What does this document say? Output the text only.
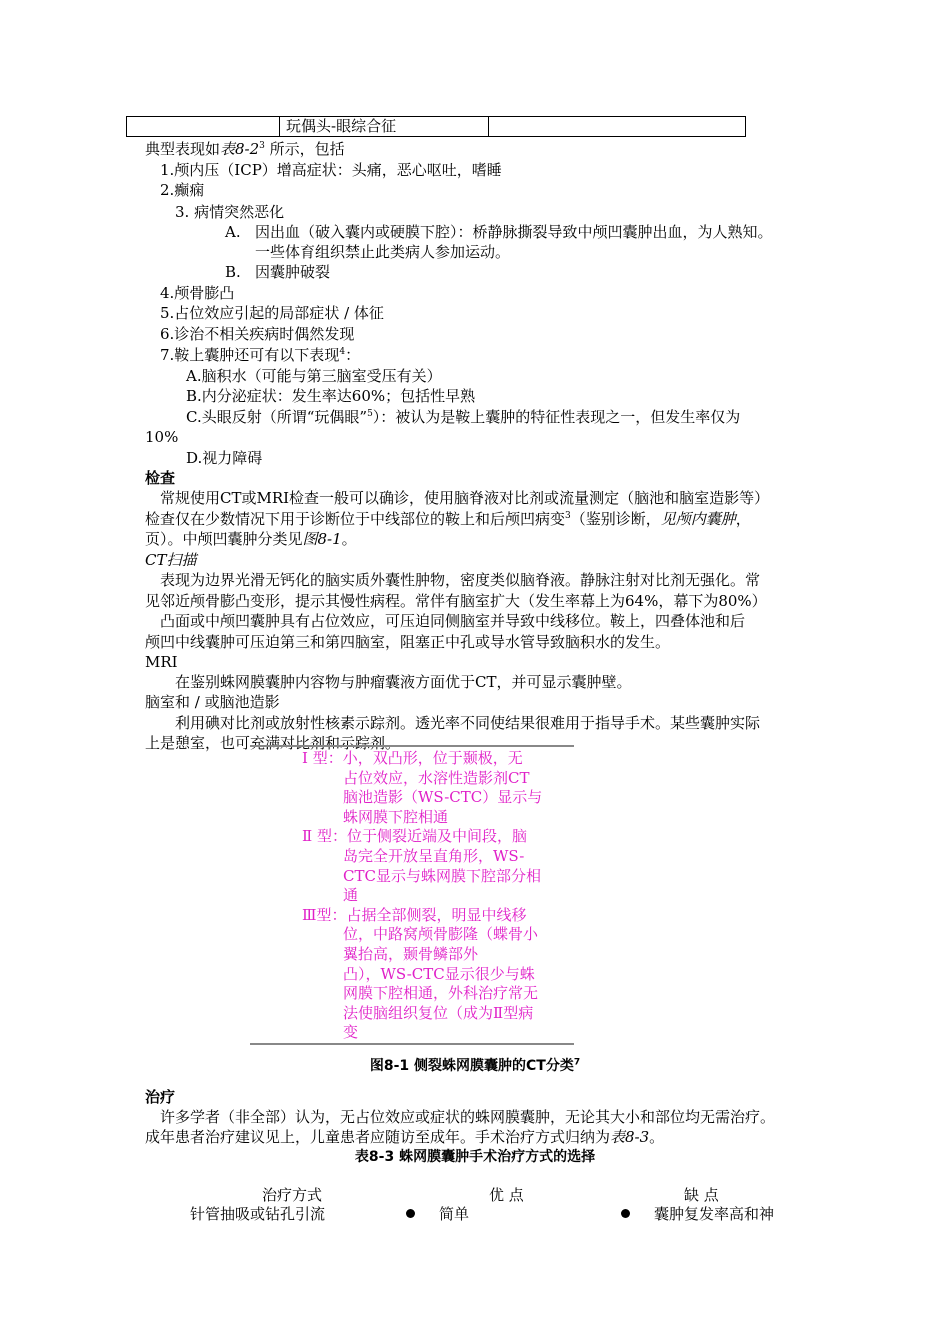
	玩偶头-眼综合征	
典型表现如表$8-2^3$ 所示，包括
1.颅内压（ICP）增高症状：头痛，恶心呕吐，嗜睡
2.癫痫
3. 病情突然恶化
A. 因出血（破入囊内或硬膜下腔）：桥静脉撕裂导致中颅凹囊肿出血，为人熟知。
一些体育组织禁止此类病人参加运动。
B. 因囊肿破裂
4.颅骨膨凸
5.占位效应引起的局部症状 / 体征
6.诊治不相关疾病时偶然发现
7.鞍上囊肿还可有以下表现$^4$：
A.脑积水（可能与第三脑室受压有关）
B.内分泌症状：发生率达60%；包括性早熟
C.头眼反射（所谓“玩偶眼”$^5$）：被认为是鞍上囊肿的特征性表现之一，但发生率仅为
10%
D.视力障碍
检查
常规使用CT或MRI检查一般可以确诊，使用脑脊液对比剂或流量测定（脑池和脑室造影等）
检查仅在少数情况下用于诊断位于中线部位的鞍上和后颅凹病变$^3$（鉴别诊断，见颅内囊肿，
页）。中颅凹囊肿分类见图8-1。
CT扫描
表现为边界光滑无钙化的脑实质外囊性肿物，密度类似脑脊液。静脉注射对比剂无强化。常
见邻近颅骨膨凸变形，提示其慢性病程。常伴有脑室扩大（发生率幕上为64%，幕下为80%）
凸面或中颅凹囊肿具有占位效应，可压迫同侧脑室并导致中线移位。鞍上，四叠体池和后
颅凹中线囊肿可压迫第三和第四脑室，阻塞正中孔或导水管导致脑积水的发生。
MRI
在鉴别蛛网膜囊肿内容物与肿瘤囊液方面优于CT，并可显示囊肿壁。
脑室和 / 或脑池造影
利用碘对比剂或放射性核素示踪剂。透光率不同使结果很难用于指导手术。某些囊肿实际
上是憩室，也可充满对比剂和示踪剂。
Ⅰ 型：小，双凸形，位于颞极，无
占位效应，水溶性造影剂CT
脑池造影（WS-CTC）显示与
蛛网膜下腔相通
Ⅱ 型：位于侧裂近端及中间段，脑
岛完全开放呈直角形，WS-
CTC显示与蛛网膜下腔部分相
通
Ⅲ型：占据全部侧裂，明显中线移
位，中路窝颅骨膨隆（蝶骨小
翼抬高，颞骨鳞部外
凸），WS-CTC显示很少与蛛
网膜下腔相通，外科治疗常无
法使脑组织复位（成为Ⅱ型病
变
图8-1 侧裂蛛网膜囊肿的CT分类$^7$
治疗
许多学者（非全部）认为，无占位效应或症状的蛛网膜囊肿，无论其大小和部位均无需治疗。
成年患者治疗建议见上，儿童患者应随访至成年。手术治疗方式归纳为表8-3。
表8-3 蛛网膜囊肿手术治疗方式的选择
治疗方式	优 点	缺 点
针管抽吸或钻孔引流	简单	囊肿复发率高和神
